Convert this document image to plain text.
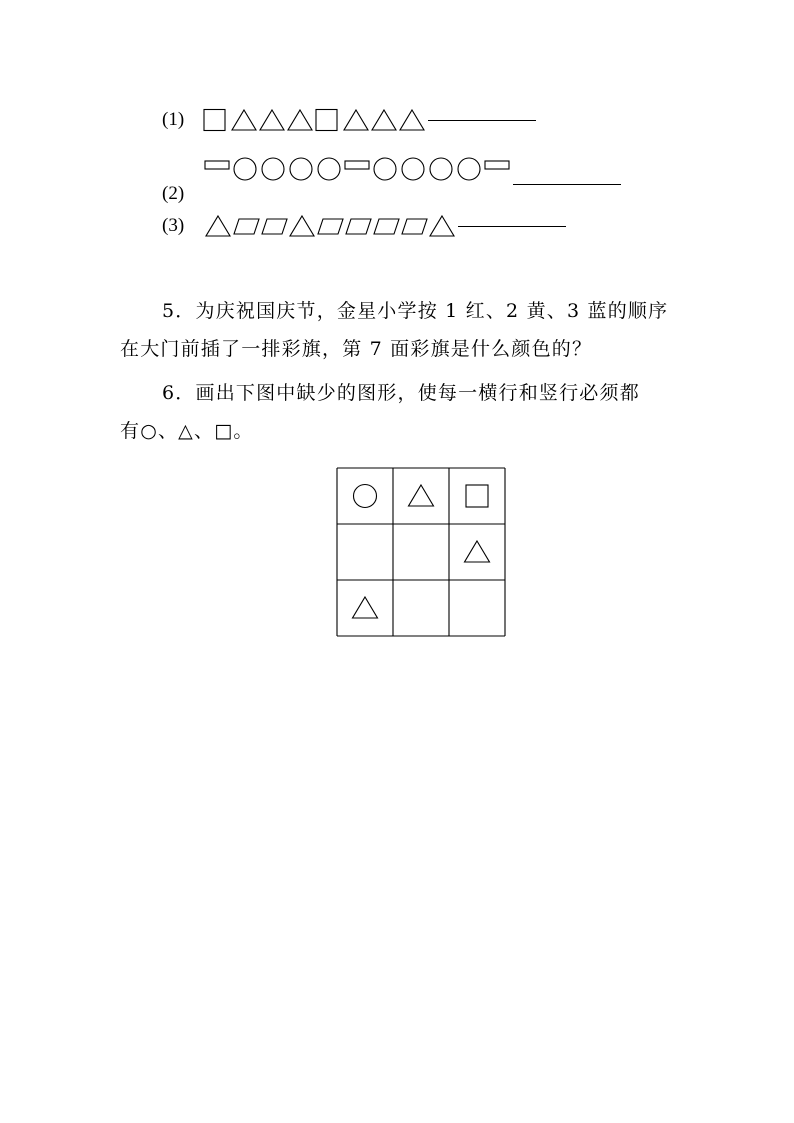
(1)
(2)
(3)

5．为庆祝国庆节，金星小学按 1 红、2 黄、3 蓝的顺序

在大门前插了一排彩旗，第 7 面彩旗是什么颜色的？

6．画出下图中缺少的图形，使每一横行和竖行必须都

有○、△、□。
